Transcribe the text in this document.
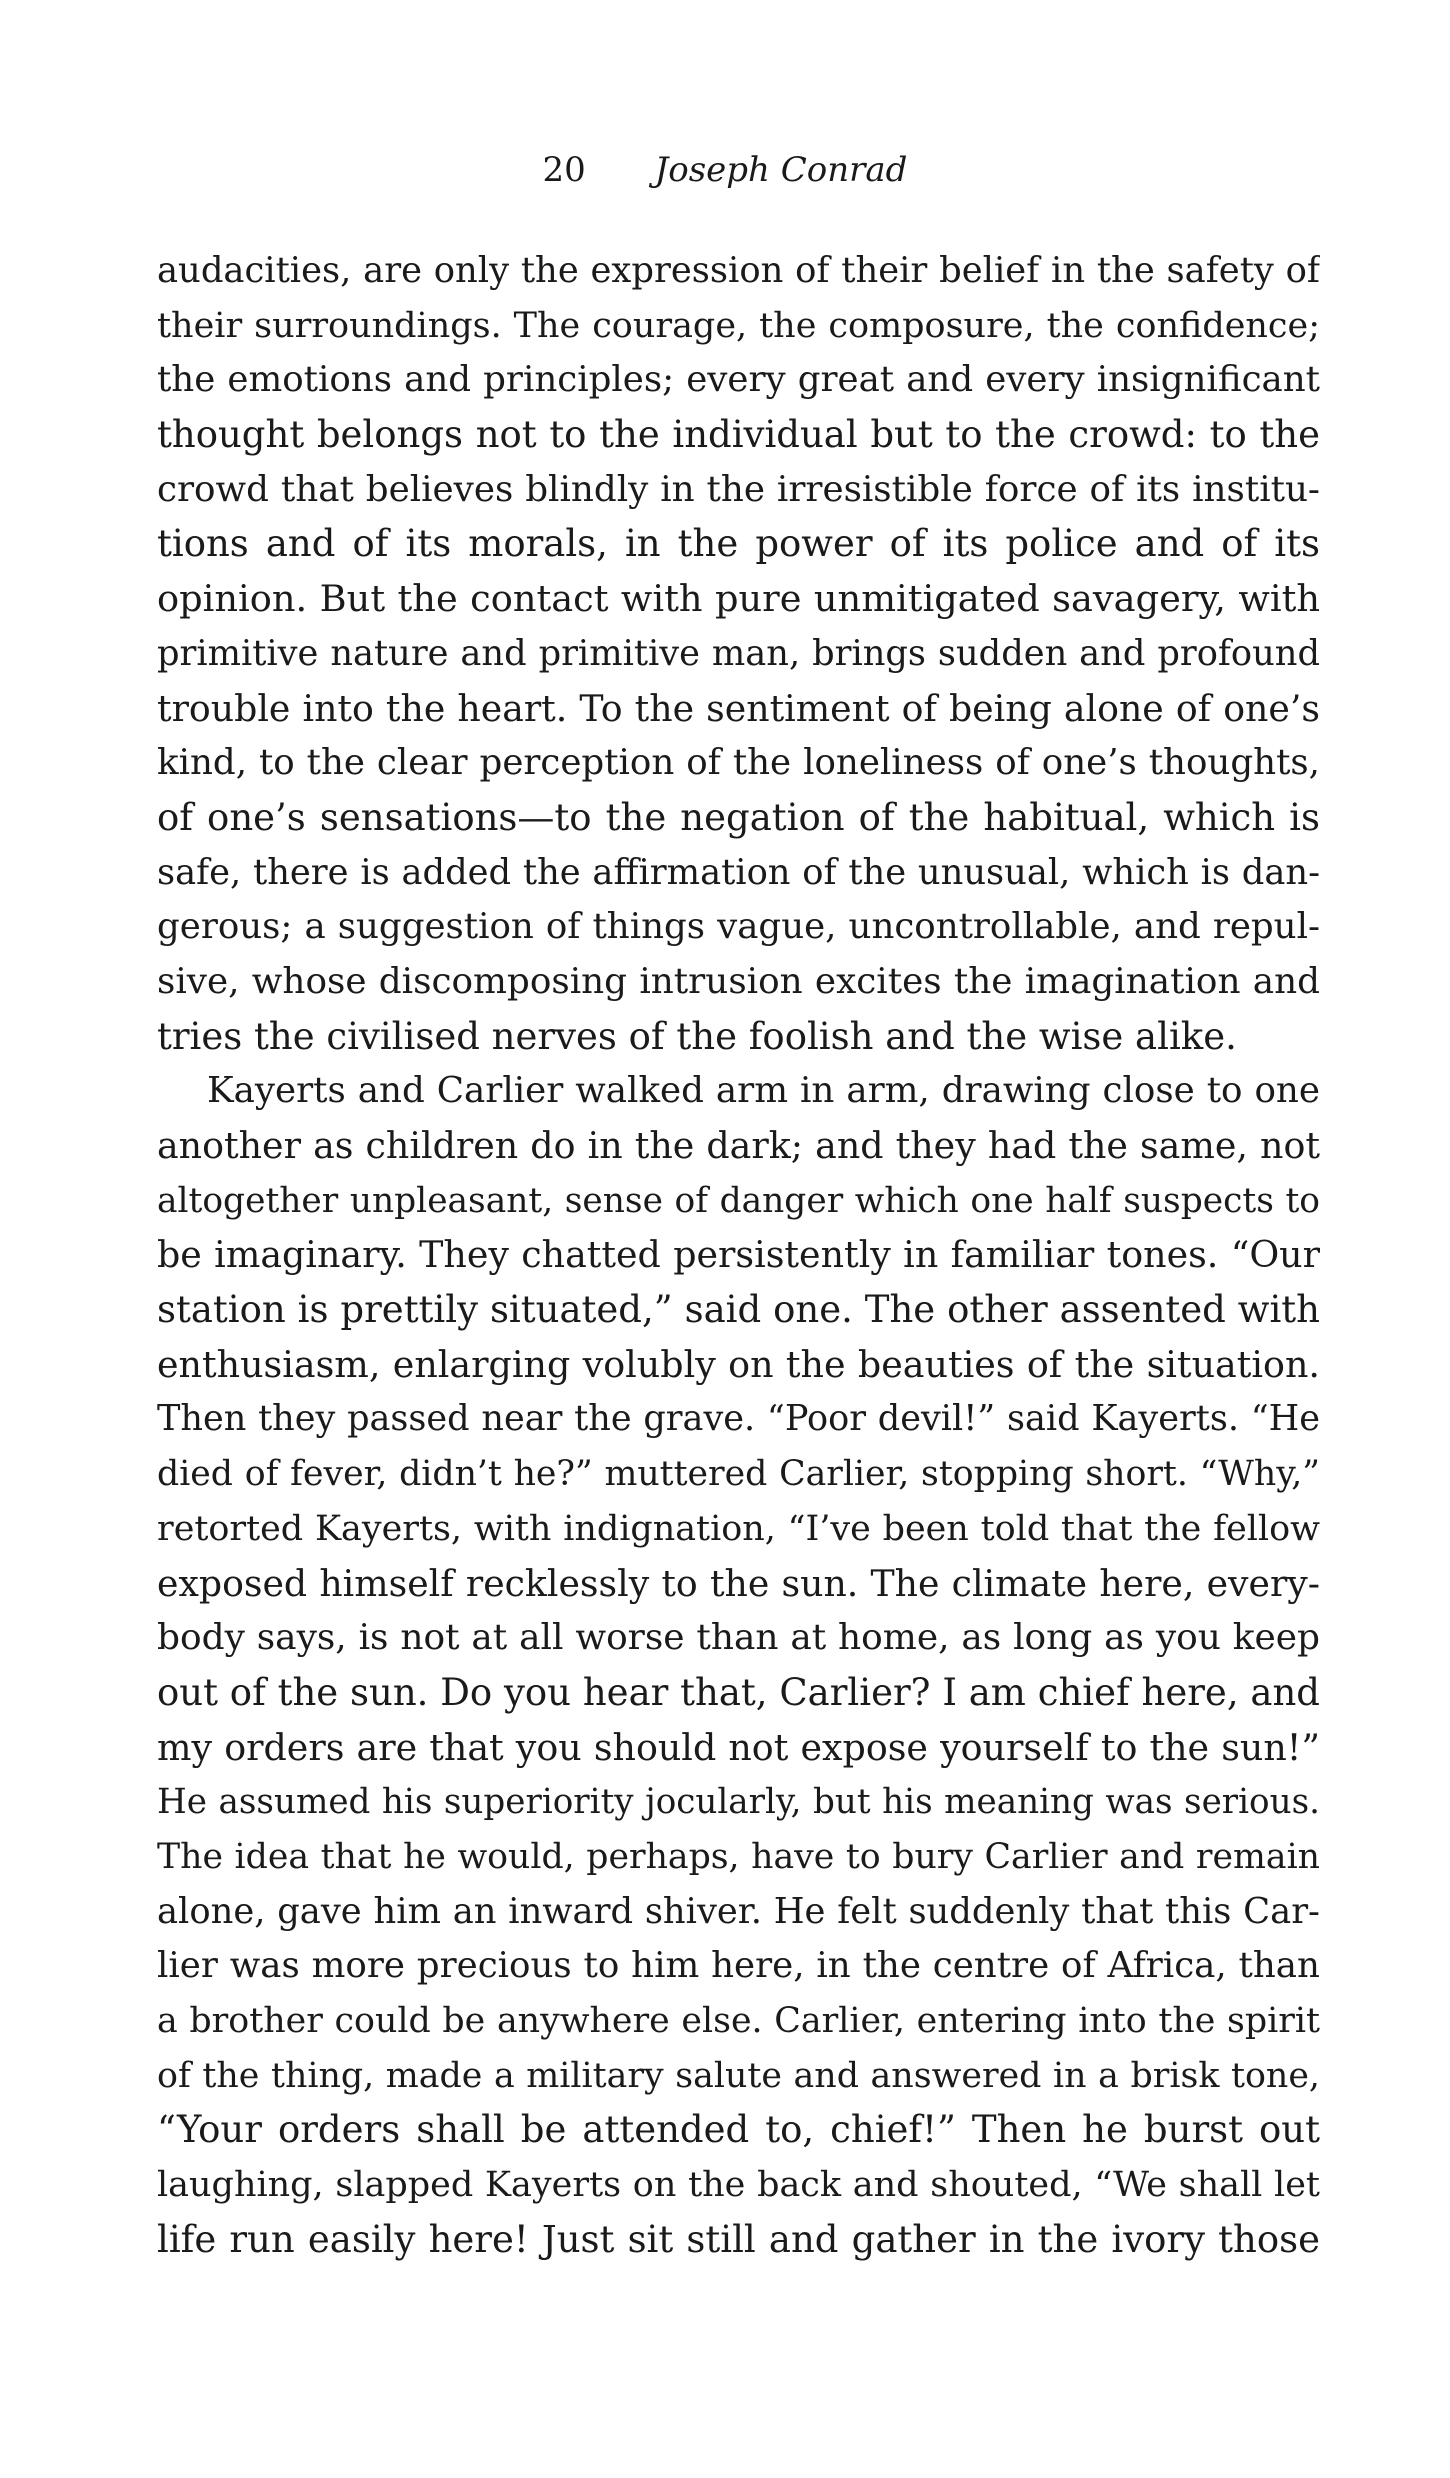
20 Joseph Conrad
audacities, are only the expression of their belief in the safety of
their surroundings. The courage, the composure, the confidence;
the emotions and principles; every great and every insignificant
thought belongs not to the individual but to the crowd: to the
crowd that believes blindly in the irresistible force of its institu-
tions and of its morals, in the power of its police and of its
opinion. But the contact with pure unmitigated savagery, with
primitive nature and primitive man, brings sudden and profound
trouble into the heart. To the sentiment of being alone of one’s
kind, to the clear perception of the loneliness of one’s thoughts,
of one’s sensations—to the negation of the habitual, which is
safe, there is added the affirmation of the unusual, which is dan-
gerous; a suggestion of things vague, uncontrollable, and repul-
sive, whose discomposing intrusion excites the imagination and
tries the civilised nerves of the foolish and the wise alike.
Kayerts and Carlier walked arm in arm, drawing close to one
another as children do in the dark; and they had the same, not
altogether unpleasant, sense of danger which one half suspects to
be imaginary. They chatted persistently in familiar tones. “Our
station is prettily situated,” said one. The other assented with
enthusiasm, enlarging volubly on the beauties of the situation.
Then they passed near the grave. “Poor devil!” said Kayerts. “He
died of fever, didn’t he?” muttered Carlier, stopping short. “Why,”
retorted Kayerts, with indignation, “I’ve been told that the fellow
exposed himself recklessly to the sun. The climate here, every-
body says, is not at all worse than at home, as long as you keep
out of the sun. Do you hear that, Carlier? I am chief here, and
my orders are that you should not expose yourself to the sun!”
He assumed his superiority jocularly, but his meaning was serious.
The idea that he would, perhaps, have to bury Carlier and remain
alone, gave him an inward shiver. He felt suddenly that this Car-
lier was more precious to him here, in the centre of Africa, than
a brother could be anywhere else. Carlier, entering into the spirit
of the thing, made a military salute and answered in a brisk tone,
“Your orders shall be attended to, chief!” Then he burst out
laughing, slapped Kayerts on the back and shouted, “We shall let
life run easily here! Just sit still and gather in the ivory those
